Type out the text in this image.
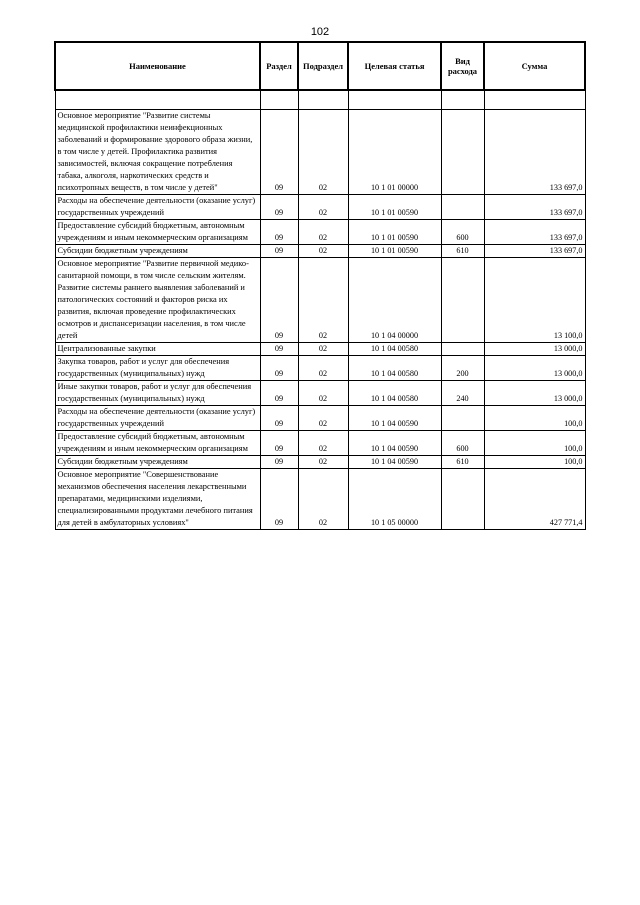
102
Наименование	Раздел	Подраздел	Целевая статья	Вид расхода	Сумма

Основное мероприятие "Развитие системы медицинской профилактики неинфекционных заболеваний и формирование здорового образа жизни, в том числе у детей. Профилактика развития зависимостей, включая сокращение потребления табака, алкоголя, наркотических средств и психотропных веществ, в том числе у детей"	09	02	10 1 01 00000		133 697,0
Расходы на обеспечение деятельности (оказание услуг) государственных учреждений	09	02	10 1 01 00590		133 697,0
Предоставление субсидий бюджетным, автономным учреждениям и иным некоммерческим организациям	09	02	10 1 01 00590	600	133 697,0
Субсидии бюджетным учреждениям	09	02	10 1 01 00590	610	133 697,0
Основное мероприятие "Развитие первичной медико-санитарной помощи, в том числе сельским жителям. Развитие системы раннего выявления заболеваний и патологических состояний и факторов риска их развития, включая проведение профилактических осмотров и диспансеризации населения, в том числе детей	09	02	10 1 04 00000		13 100,0
Централизованные закупки	09	02	10 1 04 00580		13 000,0
Закупка товаров, работ и услуг для обеспечения государственных (муниципальных) нужд	09	02	10 1 04 00580	200	13 000,0
Иные закупки товаров, работ и услуг для обеспечения государственных (муниципальных) нужд	09	02	10 1 04 00580	240	13 000,0
Расходы на обеспечение деятельности (оказание услуг) государственных учреждений	09	02	10 1 04 00590		100,0
Предоставление субсидий бюджетным, автономным учреждениям и иным некоммерческим организациям	09	02	10 1 04 00590	600	100,0
Субсидии бюджетным учреждениям	09	02	10 1 04 00590	610	100,0
Основное мероприятие "Совершенствование механизмов обеспечения населения лекарственными препаратами, медицинскими изделиями, специализированными продуктами лечебного питания для детей в амбулаторных условиях"	09	02	10 1 05 00000		427 771,4
